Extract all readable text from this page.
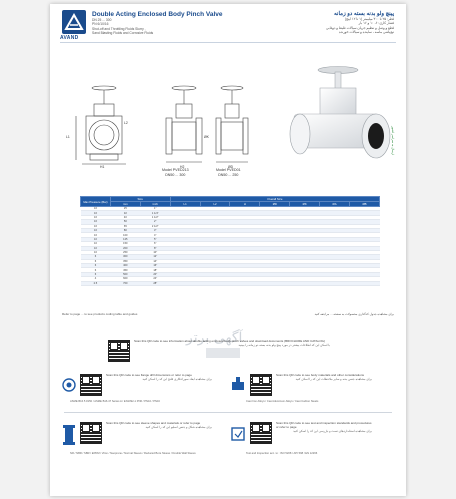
AVAND
Double Acting Enclosed Body Pinch Valve
DN 25 ... 300
PN 6/10/16
Shut-off and Throttling Fluids Slurry ,
Sand Blasting Fluids and Corrosive Fluids
پینچ ولو بدنه بسته دو زمانه
قطر: ۲۵ تا ۳۰۰ میلیمتر (۱ تا ۱۲ اینچ)
فشار کاری: ۶، ۱۰ و ۱۶ بار
قطع و وصل و تنظیم جریان سیالات غلیظ و دوغابی
تیغ‌پاشی ماسه ، ساینده و سیالات خورنده
L1
L2
H1	H2	ØD
ØK
Model PVED213
DN50 ... 300
Model PVED01
DN50 ... 250
ارسال به سراسر کشور
Max Pressure (Bar)	Size		Overall Size						
	mm	inch	L1	L2	H	ØD	ØK	ØA	ØB
16	25	1"							
16	32	1 1/4"							
16	40	1 1/2"							
16	50	2"							
16	65	2 1/2"							
16	80	3"							
16	100	4"							
10	125	5"							
10	150	6"							
10	200	8"							
10	250	10"							
6	300	12"							
6	350	14"							
6	400	16"							
6	450	18"							
6	500	20"							
4	600	24"							
2.5	700	28"							
Refer to page ... to see products coding table and guides	برای مشاهده جدول کدگذاری محصولات به صفحه ... مراجعه کنید
آگهی برتر
Scan this QR code to see information about double acting enclosed body pinch valves and download documents (BROCHURE AND CATALOG)
با اسکن این کد اطلاعات بیشتر در مورد پینچ ولو بدنه بسته دو زمانه را ببینید
Scan this QR code to see flange drill dimensions or refer to page
برای مشاهده ابعاد سوراخکاری فلنج این کد را اسکن کنید
ASME B16.5 #150 / ASME B16.47 Series A / EN1092-1 PN6 / PN10 / PN16
Scan this QR code to see body materials and other considerations
برای مشاهده جنس بدنه و سایر ملاحظات این کد را اسکن کنید
Cast Iron Alloys / Cast Aluminum Alloys / Cast Carbon Steels
Scan this QR code to see sleeve shapes and materials or refer to page
برای مشاهده شکل و جنس اسلیو این کد را اسکن کنید
NR / NBR / SBR / EPDM / Viton / Neoprene / Normal Sleeve / Reduced Bore Sleeve / Double Wall Sleeve
Scan this QR code to see test and inspection standards and procedures or refer to page
برای مشاهده استانداردهای تست و بازرسی این کد را اسکن کنید
Test and Inspection acc. to : ISO 5208 / API 598 / EN 12266
